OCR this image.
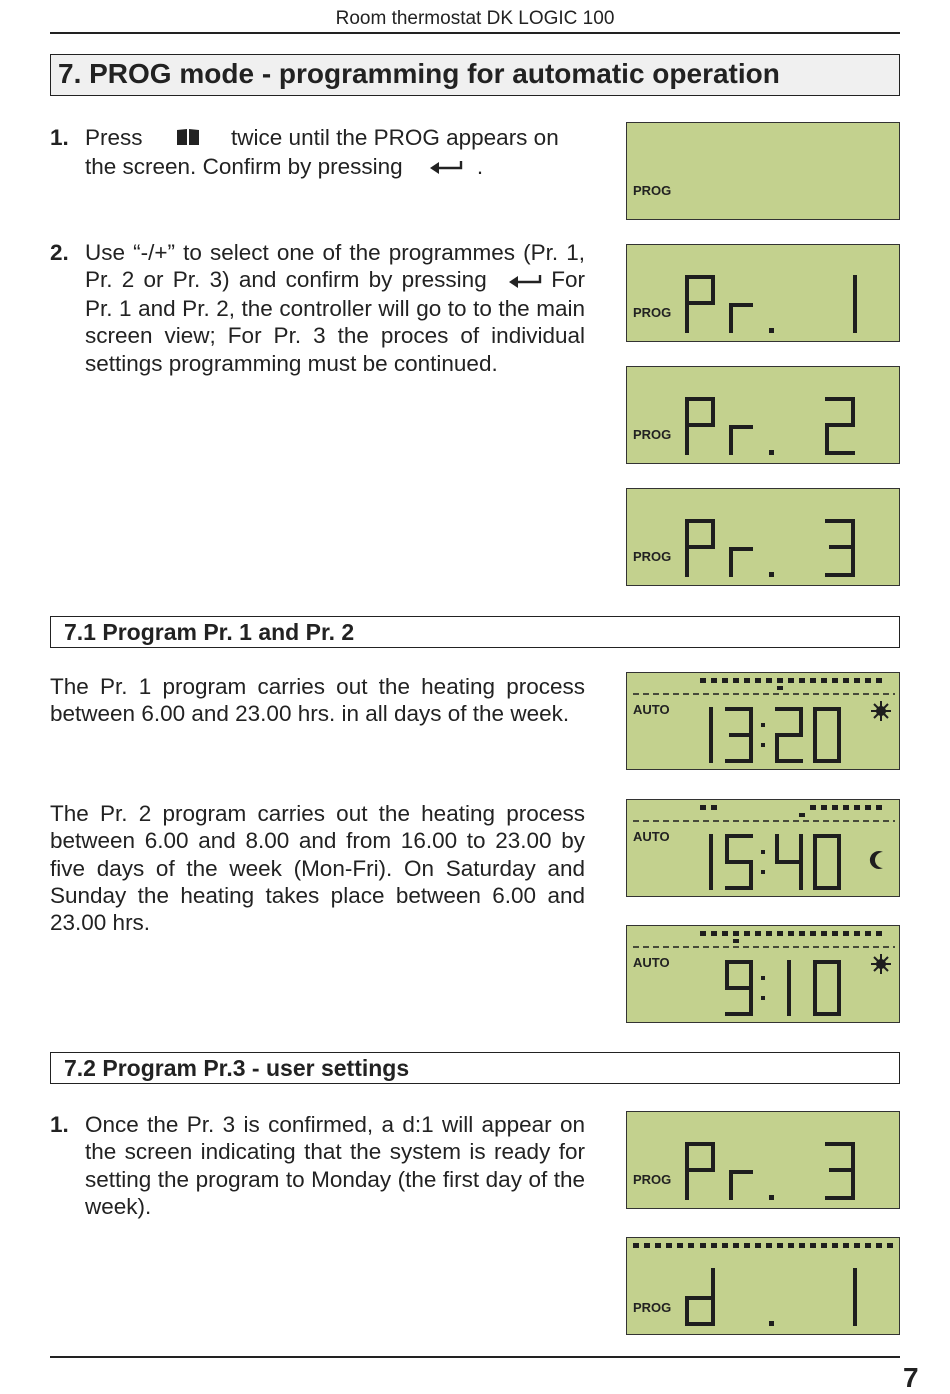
Room thermostat DK LOGIC 100
7. PROG mode - programming for automatic operation
1. Press	twice until the PROG appears on the screen. Confirm by pressing	.
2. Use “-/+” to select one of the programmes (Pr. 1, Pr. 2 or Pr. 3) and confirm by pressing	For Pr. 1 and Pr. 2, the controller will go to to the main screen view; For Pr. 3 the proces of individual settings programming must be continued.
7.1 Program Pr. 1 and Pr. 2
The Pr. 1 program carries out the heating process between 6.00 and 23.00 hrs. in all days of the week.
The Pr. 2 program carries out the heating process between 6.00 and 8.00 and from 16.00 to 23.00 by five days of the week (Mon-Fri). On Saturday and Sunday the heating takes place between 6.00 and 23.00 hrs.
7.2 Program Pr.3 - user settings
1. Once the Pr. 3 is confirmed, a d:1 will appear on the screen indicating that the system is ready for setting the program to Monday (the first day of the week).
PROG
PROG
PROG
PROG
AUTO
AUTO
AUTO
PROG
PROG
7
